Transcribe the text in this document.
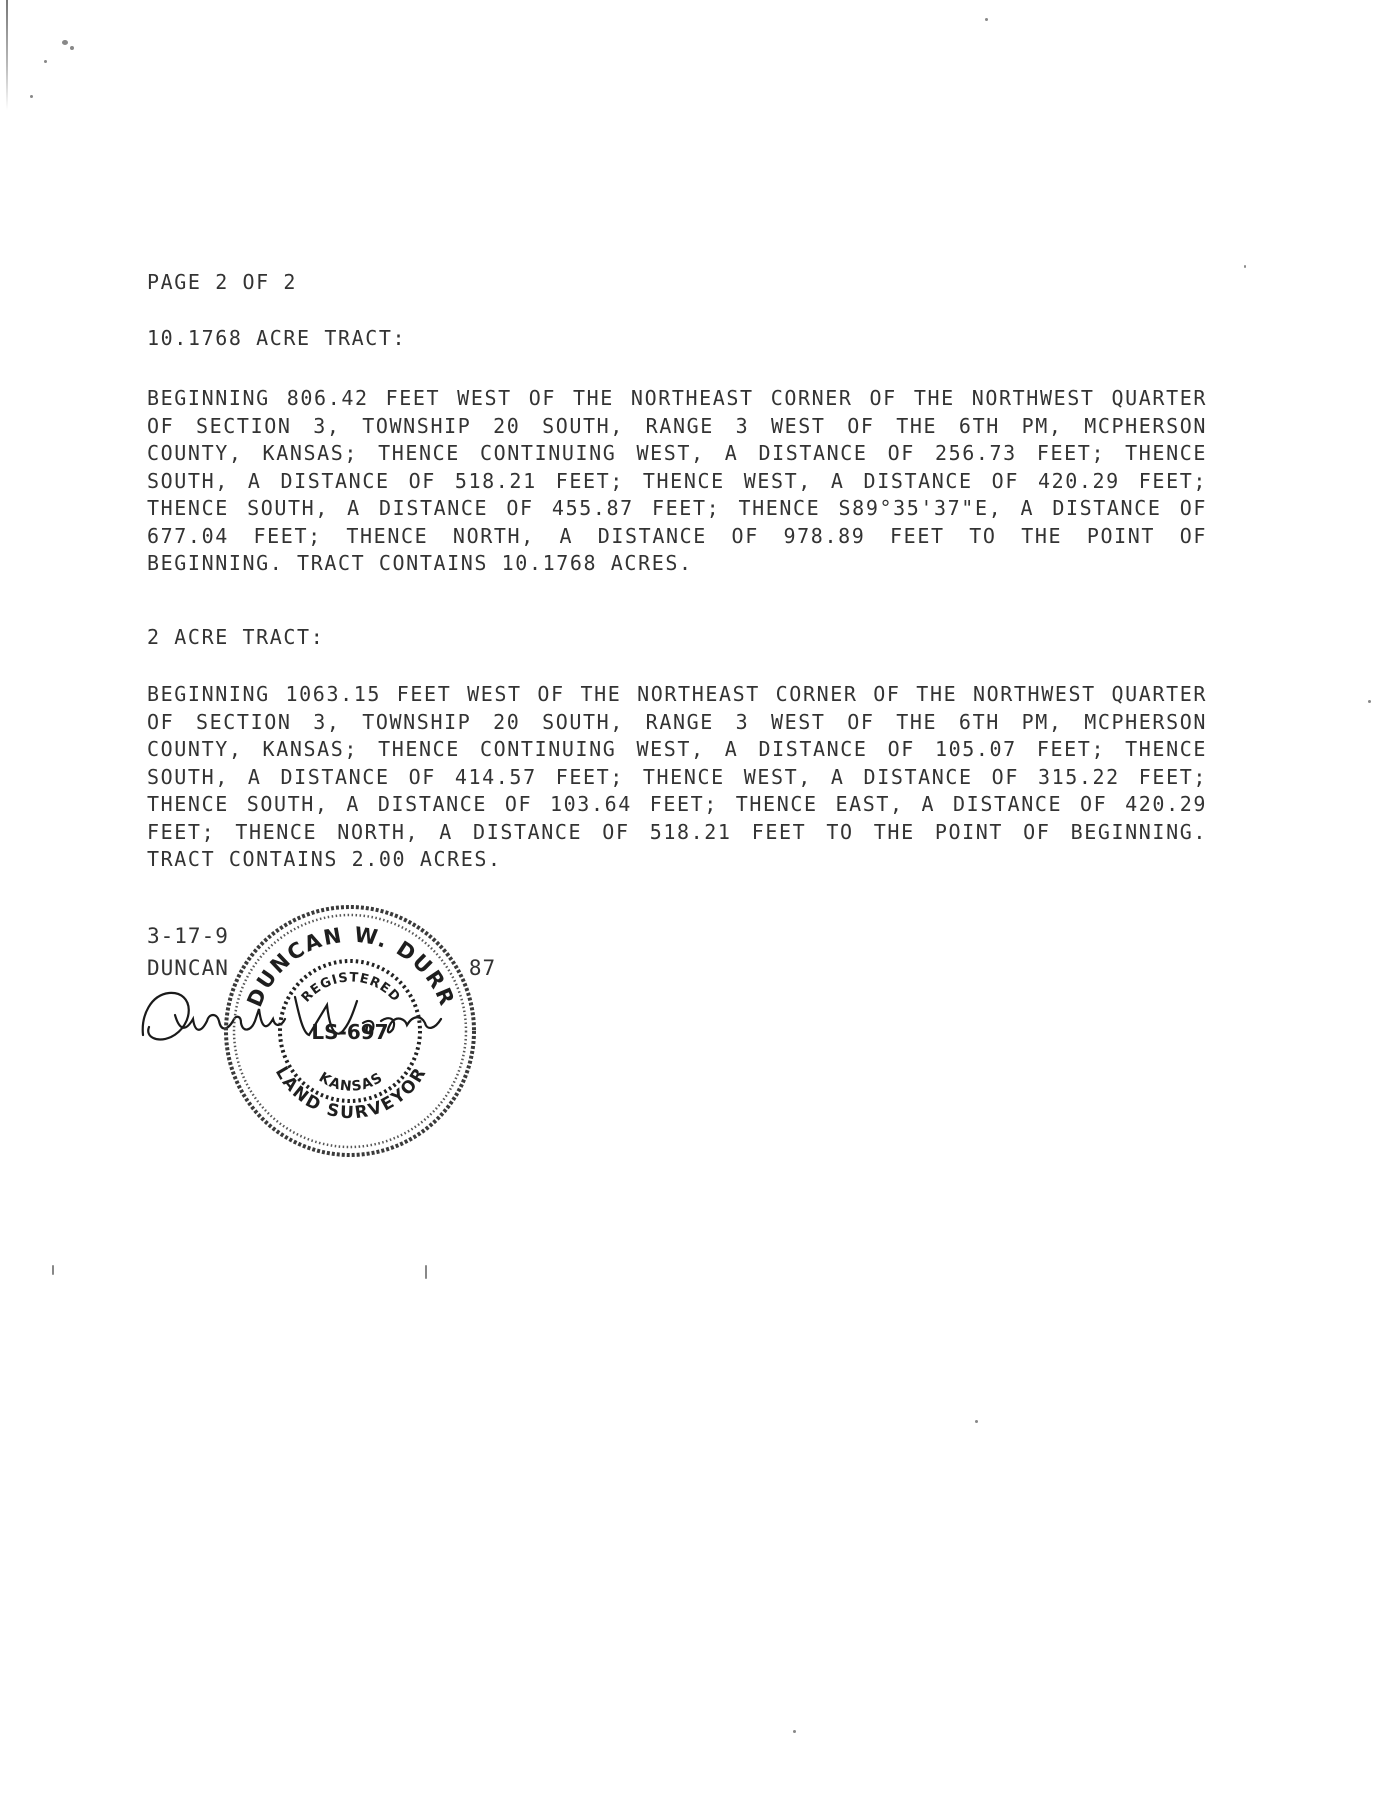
PAGE 2 OF 2
10.1768 ACRE TRACT:

BEGINNING 806.42 FEET WEST OF THE NORTHEAST CORNER OF THE NORTHWEST QUARTER OF SECTION 3, TOWNSHIP 20 SOUTH, RANGE 3 WEST OF THE 6TH PM, MCPHERSON COUNTY, KANSAS; THENCE CONTINUING WEST, A DISTANCE OF 256.73 FEET; THENCE SOUTH, A DISTANCE OF 518.21 FEET; THENCE WEST, A DISTANCE OF 420.29 FEET; THENCE SOUTH, A DISTANCE OF 455.87 FEET; THENCE S89°35'37"E, A DISTANCE OF 677.04 FEET; THENCE NORTH, A DISTANCE OF 978.89 FEET TO THE POINT OF BEGINNING. TRACT CONTAINS 10.1768 ACRES.

2 ACRE TRACT:

BEGINNING 1063.15 FEET WEST OF THE NORTHEAST CORNER OF THE NORTHWEST QUARTER OF SECTION 3, TOWNSHIP 20 SOUTH, RANGE 3 WEST OF THE 6TH PM, MCPHERSON COUNTY, KANSAS; THENCE CONTINUING WEST, A DISTANCE OF 105.07 FEET; THENCE SOUTH, A DISTANCE OF 414.57 FEET; THENCE WEST, A DISTANCE OF 315.22 FEET; THENCE SOUTH, A DISTANCE OF 103.64 FEET; THENCE EAST, A DISTANCE OF 420.29 FEET; THENCE NORTH, A DISTANCE OF 518.21 FEET TO THE POINT OF BEGINNING. TRACT CONTAINS 2.00 ACRES.

3-17-9
DUNCAN	87
DUNCAN W. DURR
LAND SURVEYOR
REGISTERED
KANSAS
LS-697
